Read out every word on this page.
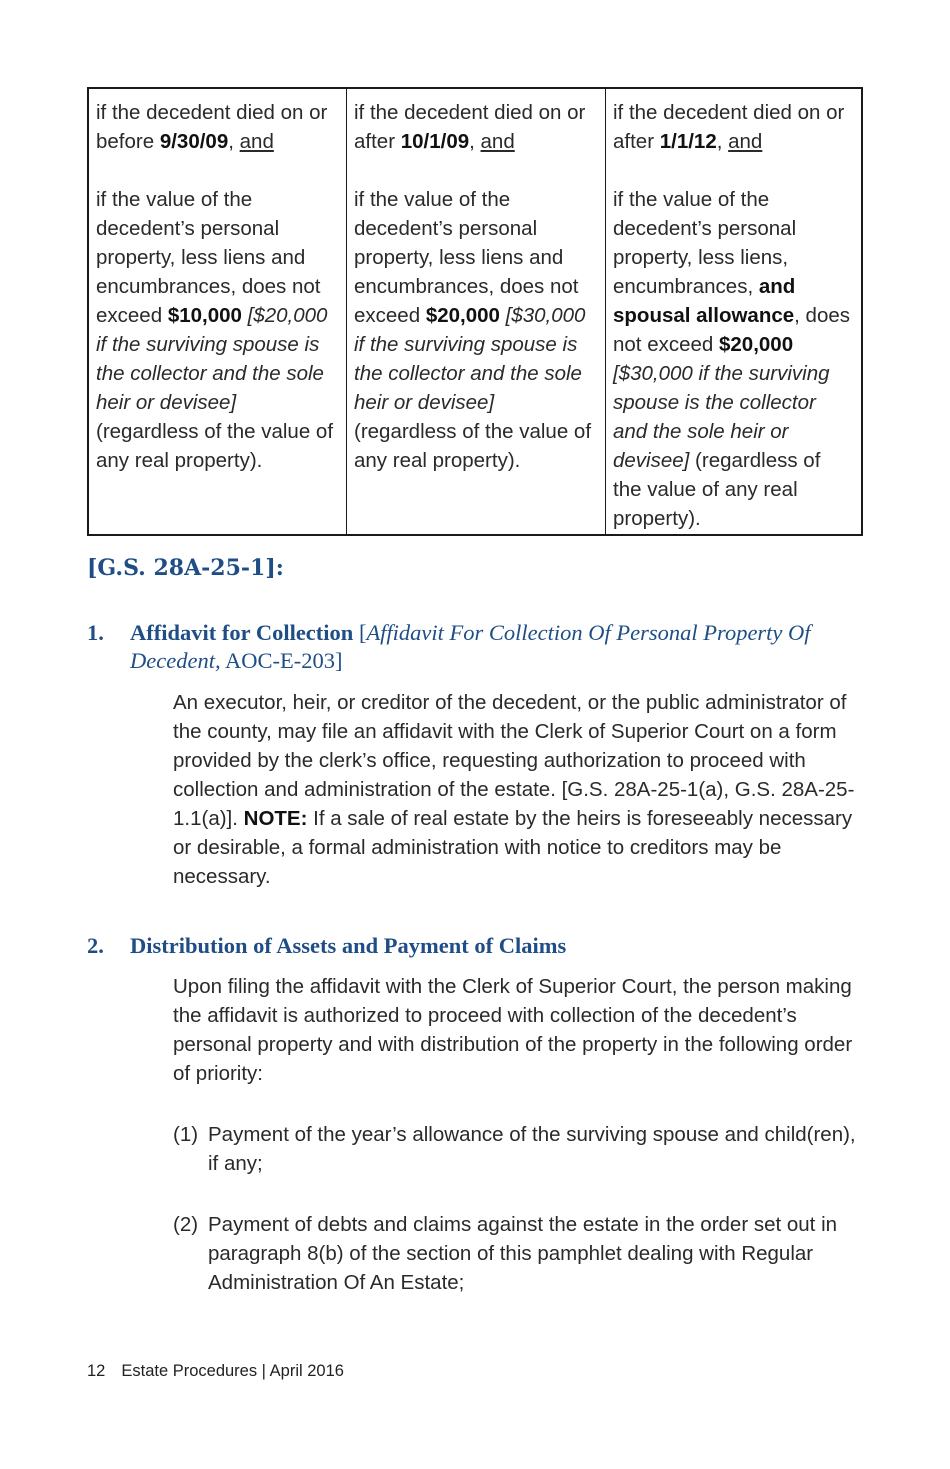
if the decedent died on or before 9/30/09, and

if the value of the decedent’s personal property, less liens and encumbrances, does not exceed $10,000 [$20,000 if the surviving spouse is the collector and the sole heir or devisee] (regardless of the value of any real property).

if the decedent died on or after 10/1/09, and

if the value of the decedent’s personal property, less liens and encumbrances, does not exceed $20,000 [$30,000 if the surviving spouse is the collector and the sole heir or devisee] (regardless of the value of any real property).

if the decedent died on or after 1/1/12, and

if the value of the decedent’s personal property, less liens, encumbrances, and spousal allowance, does not exceed $20,000 [$30,000 if the surviving spouse is the collector and the sole heir or devisee] (regardless of the value of any real property).

[G.S. 28A-25-1]:
1. Affidavit for Collection [Affidavit For Collection Of Personal Property Of Decedent, AOC-E-203]

An executor, heir, or creditor of the decedent, or the public administrator of the county, may file an affidavit with the Clerk of Superior Court on a form provided by the clerk’s office, requesting authorization to proceed with collection and administration of the estate. [G.S. 28A-25-1(a), G.S. 28A-25-1.1(a)]. NOTE: If a sale of real estate by the heirs is foreseeably necessary or desirable, a formal administration with notice to creditors may be necessary.

2. Distribution of Assets and Payment of Claims

Upon filing the affidavit with the Clerk of Superior Court, the person making the affidavit is authorized to proceed with collection of the decedent’s personal property and with distribution of the property in the following order of priority:

(1) Payment of the year’s allowance of the surviving spouse and child(ren), if any;
(2) Payment of debts and claims against the estate in the order set out in paragraph 8(b) of the section of this pamphlet dealing with Regular Administration Of An Estate;
12 Estate Procedures | April 2016
